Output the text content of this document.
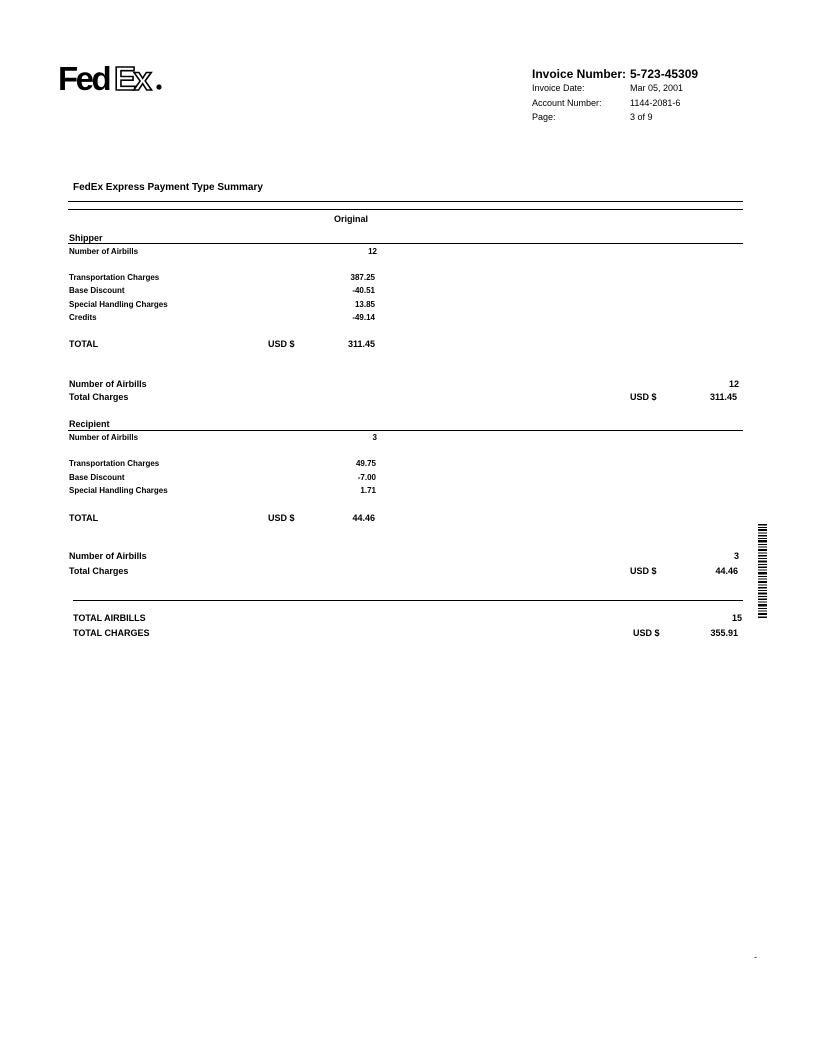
Fed Ex	Invoice Number: 5-723-45309
Invoice Date:	Mar 05, 2001
Account Number:	1144-2081-6
Page:	3 of 9
FedEx Express Payment Type Summary
Original
Shipper
Number of Airbills	12
Transportation Charges	387.25
Base Discount	-40.51
Special Handling Charges	13.85
Credits	-49.14
TOTAL	USD $	311.45
Number of Airbills	12
Total Charges	USD $	311.45
Recipient
Number of Airbills	3
Transportation Charges	49.75
Base Discount	-7.00
Special Handling Charges	1.71
TOTAL	USD $	44.46
Number of Airbills	3
Total Charges	USD $	44.46
TOTAL AIRBILLS	15
TOTAL CHARGES	USD $	355.91
-
